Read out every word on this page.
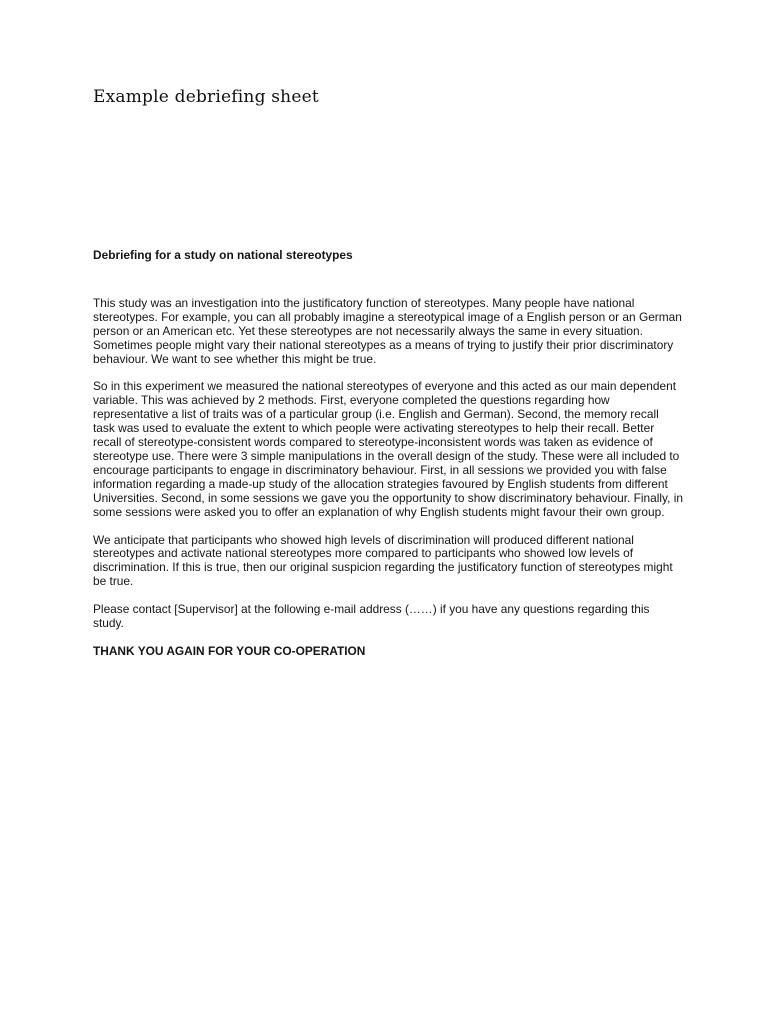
Example debriefing sheet

Debriefing for a study on national stereotypes

This study was an investigation into the justificatory function of stereotypes. Many people have national stereotypes. For example, you can all probably imagine a stereotypical image of a English person or an German person or an American etc. Yet these stereotypes are not necessarily always the same in every situation. Sometimes people might vary their national stereotypes as a means of trying to justify their prior discriminatory behaviour. We want to see whether this might be true.

So in this experiment we measured the national stereotypes of everyone and this acted as our main dependent variable. This was achieved by 2 methods. First, everyone completed the questions regarding how representative a list of traits was of a particular group (i.e. English and German). Second, the memory recall task was used to evaluate the extent to which people were activating stereotypes to help their recall. Better recall of stereotype-consistent words compared to stereotype-inconsistent words was taken as evidence of stereotype use. There were 3 simple manipulations in the overall design of the study. These were all included to encourage participants to engage in discriminatory behaviour. First, in all sessions we provided you with false information regarding a made-up study of the allocation strategies favoured by English students from different Universities. Second, in some sessions we gave you the opportunity to show discriminatory behaviour. Finally, in some sessions were asked you to offer an explanation of why English students might favour their own group.

We anticipate that participants who showed high levels of discrimination will produced different national stereotypes and activate national stereotypes more compared to participants who showed low levels of discrimination. If this is true, then our original suspicion regarding the justificatory function of stereotypes might be true.

Please contact [Supervisor] at the following e-mail address (……) if you have any questions regarding this study.

THANK YOU AGAIN FOR YOUR CO-OPERATION
